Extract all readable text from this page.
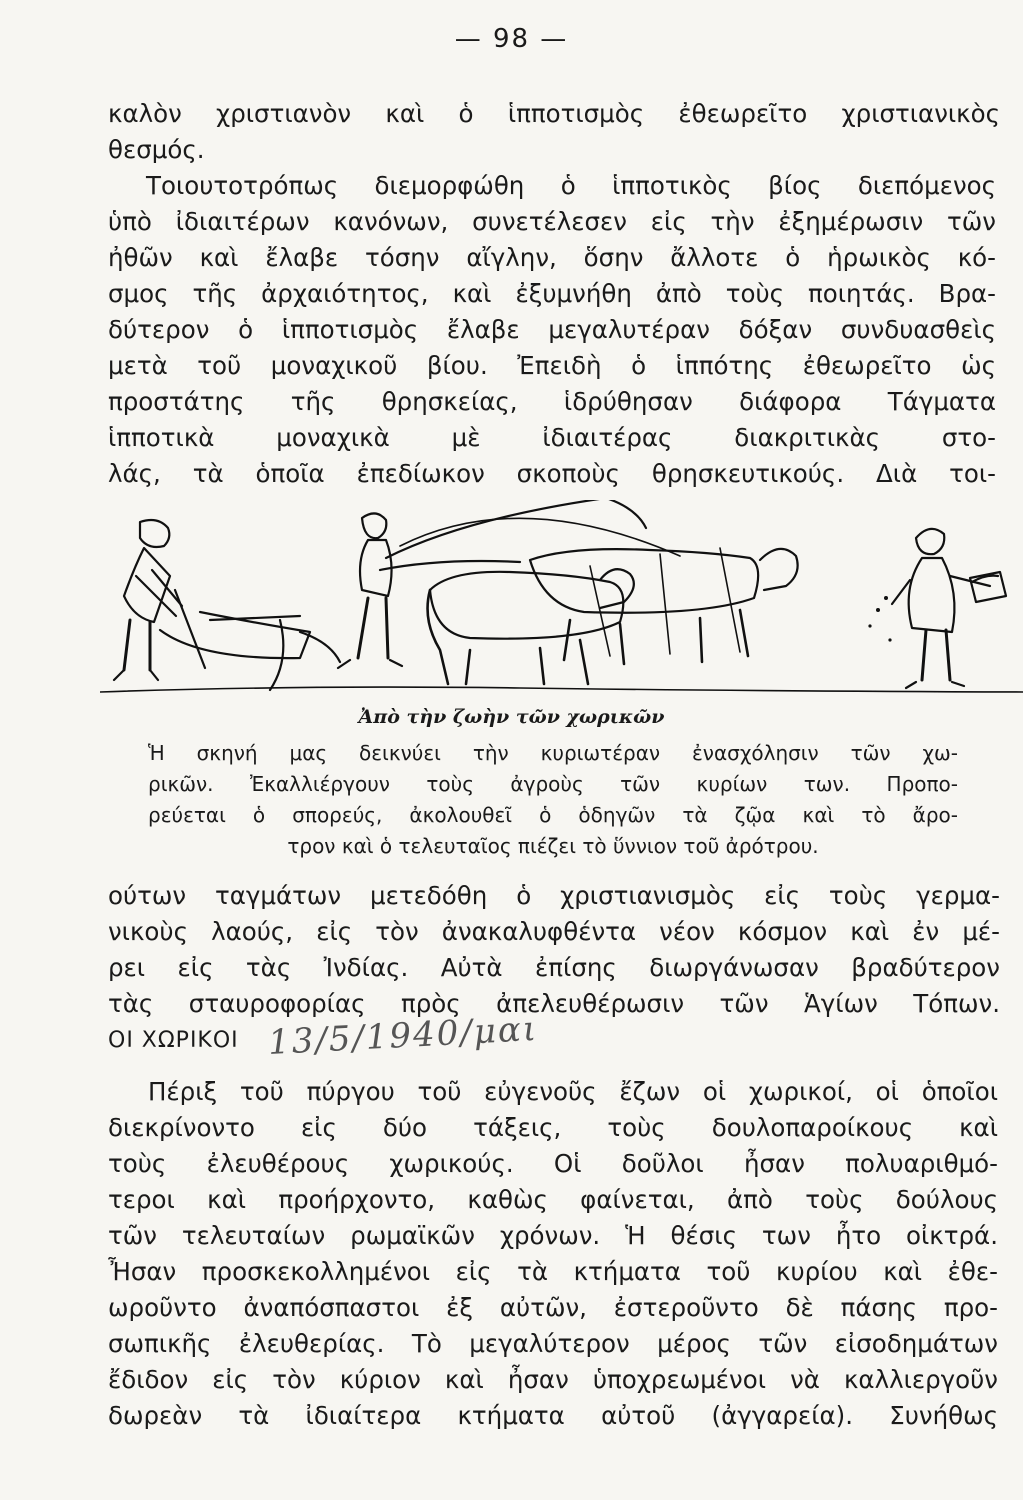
— 98 —
καλὸν χριστιανὸν καὶ ὁ ἱπποτισμὸς ἐθεωρεῖτο χριστιανικὸς
θεσμός.
Τοιουτοτρόπως διεμορφώθη ὁ ἱπποτικὸς βίος διεπόμενος
ὑπὸ ἰδιαιτέρων κανόνων, συνετέλεσεν εἰς τὴν ἐξημέρωσιν τῶν
ἠθῶν καὶ ἔλαβε τόσην αἴγλην, ὅσην ἄλλοτε ὁ ἡρωικὸς κό-
σμος τῆς ἀρχαιότητος, καὶ ἐξυμνήθη ἀπὸ τοὺς ποιητάς. Βρα-
δύτερον ὁ ἱπποτισμὸς ἔλαβε μεγαλυτέραν δόξαν συνδυασθεὶς
μετὰ τοῦ μοναχικοῦ βίου. Ἐπειδὴ ὁ ἱππότης ἐθεωρεῖτο ὡς
προστάτης τῆς θρησκείας, ἱδρύθησαν διάφορα Τάγματα
ἱπποτικὰ μοναχικὰ μὲ ἰδιαιτέρας διακριτικὰς στο-
λάς, τὰ ὁποῖα ἐπεδίωκον σκοποὺς θρησκευτικούς. Διὰ τοι-
Ἀπὸ τὴν ζωὴν τῶν χωρικῶν
Ἡ σκηνή μας δεικνύει τὴν κυριωτέραν ἐνασχόλησιν τῶν χω-
ρικῶν. Ἐκαλλιέργουν τοὺς ἀγροὺς τῶν κυρίων των. Προπο-
ρεύεται ὁ σπορεύς, ἀκολουθεῖ ὁ ὁδηγῶν τὰ ζῷα καὶ τὸ ἄρο-
τρον καὶ ὁ τελευταῖος πιέζει τὸ ὕννιον τοῦ ἀρότρου.
ούτων ταγμάτων μετεδόθη ὁ χριστιανισμὸς εἰς τοὺς γερμα-
νικοὺς λαούς, εἰς τὸν ἀνακαλυφθέντα νέον κόσμον καὶ ἐν μέ-
ρει εἰς τὰς Ἰνδίας. Αὐτὰ ἐπίσης διωργάνωσαν βραδύτερον
τὰς σταυροφορίας πρὸς ἀπελευθέρωσιν τῶν Ἁγίων Τόπων.
ΟΙ ΧΩΡΙΚΟΙ 13/5/1940/μαι
Πέριξ τοῦ πύργου τοῦ εὐγενοῦς ἔζων οἱ χωρικοί, οἱ ὁποῖοι
διεκρίνοντο εἰς δύο τάξεις, τοὺς δουλοπαροίκους καὶ
τοὺς ἐλευθέρους χωρικούς. Οἱ δοῦλοι ἦσαν πολυαριθμό-
τεροι καὶ προήρχοντο, καθὼς φαίνεται, ἀπὸ τοὺς δούλους
τῶν τελευταίων ρωμαϊκῶν χρόνων. Ἡ θέσις των ἦτο οἰκτρά.
Ἦσαν προσκεκολλημένοι εἰς τὰ κτήματα τοῦ κυρίου καὶ ἐθε-
ωροῦντο ἀναπόσπαστοι ἐξ αὐτῶν, ἐστεροῦντο δὲ πάσης προ-
σωπικῆς ἐλευθερίας. Τὸ μεγαλύτερον μέρος τῶν εἰσοδημάτων
ἔδιδον εἰς τὸν κύριον καὶ ἦσαν ὑποχρεωμένοι νὰ καλλιεργοῦν
δωρεὰν τὰ ἰδιαίτερα κτήματα αὐτοῦ (ἀγγαρεία). Συνήθως
